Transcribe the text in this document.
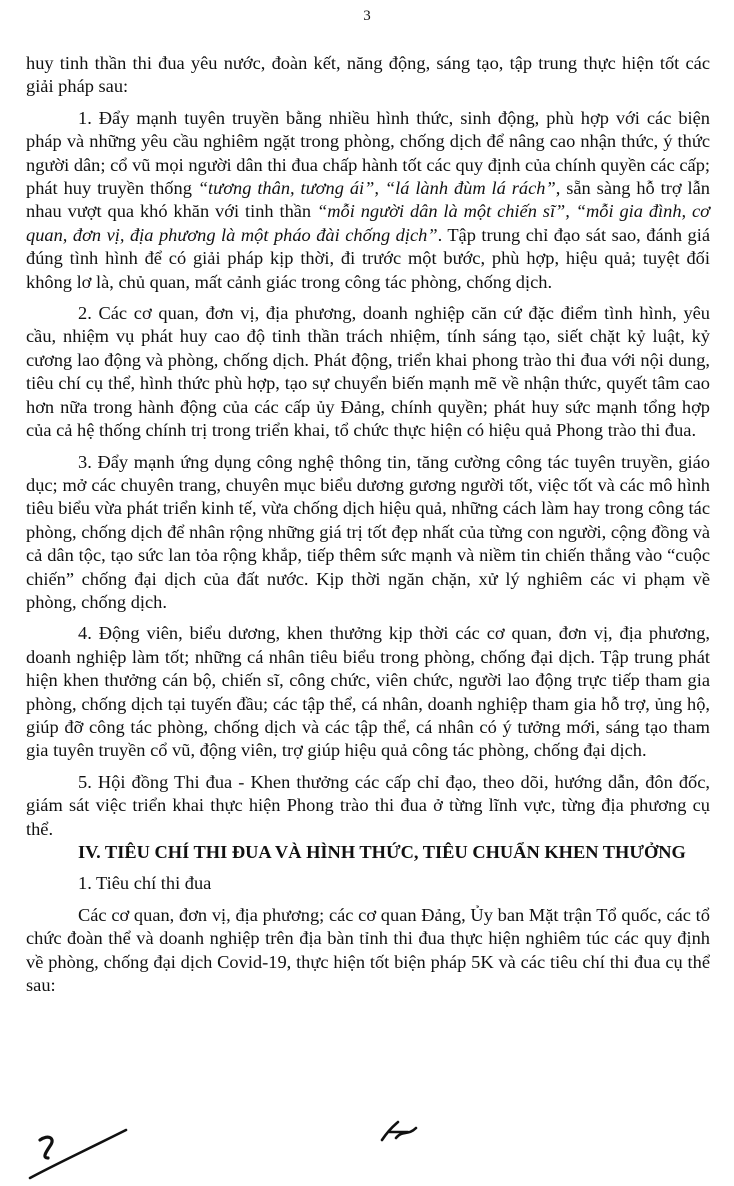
3

huy tinh thần thi đua yêu nước, đoàn kết, năng động, sáng tạo, tập trung thực hiện tốt các giải pháp sau:

1. Đẩy mạnh tuyên truyền bằng nhiều hình thức, sinh động, phù hợp với các biện pháp và những yêu cầu nghiêm ngặt trong phòng, chống dịch để nâng cao nhận thức, ý thức người dân; cổ vũ mọi người dân thi đua chấp hành tốt các quy định của chính quyền các cấp; phát huy truyền thống “tương thân, tương ái”, “lá lành đùm lá rách”, sẵn sàng hỗ trợ lẫn nhau vượt qua khó khăn với tinh thần “mỗi người dân là một chiến sĩ”, “mỗi gia đình, cơ quan, đơn vị, địa phương là một pháo đài chống dịch”. Tập trung chỉ đạo sát sao, đánh giá đúng tình hình để có giải pháp kịp thời, đi trước một bước, phù hợp, hiệu quả; tuyệt đối không lơ là, chủ quan, mất cảnh giác trong công tác phòng, chống dịch.

2. Các cơ quan, đơn vị, địa phương, doanh nghiệp căn cứ đặc điểm tình hình, yêu cầu, nhiệm vụ phát huy cao độ tinh thần trách nhiệm, tính sáng tạo, siết chặt kỷ luật, kỷ cương lao động và phòng, chống dịch. Phát động, triển khai phong trào thi đua với nội dung, tiêu chí cụ thể, hình thức phù hợp, tạo sự chuyển biến mạnh mẽ về nhận thức, quyết tâm cao hơn nữa trong hành động của các cấp ủy Đảng, chính quyền; phát huy sức mạnh tổng hợp của cả hệ thống chính trị trong triển khai, tổ chức thực hiện có hiệu quả Phong trào thi đua.

3. Đẩy mạnh ứng dụng công nghệ thông tin, tăng cường công tác tuyên truyền, giáo dục; mở các chuyên trang, chuyên mục biểu dương gương người tốt, việc tốt và các mô hình tiêu biểu vừa phát triển kinh tế, vừa chống dịch hiệu quả, những cách làm hay trong công tác phòng, chống dịch để nhân rộng những giá trị tốt đẹp nhất của từng con người, cộng đồng và cả dân tộc, tạo sức lan tỏa rộng khắp, tiếp thêm sức mạnh và niềm tin chiến thắng vào “cuộc chiến” chống đại dịch của đất nước. Kịp thời ngăn chặn, xử lý nghiêm các vi phạm về phòng, chống dịch.

4. Động viên, biểu dương, khen thưởng kịp thời các cơ quan, đơn vị, địa phương, doanh nghiệp làm tốt; những cá nhân tiêu biểu trong phòng, chống đại dịch. Tập trung phát hiện khen thưởng cán bộ, chiến sĩ, công chức, viên chức, người lao động trực tiếp tham gia phòng, chống dịch tại tuyến đầu; các tập thể, cá nhân, doanh nghiệp tham gia hỗ trợ, ủng hộ, giúp đỡ công tác phòng, chống dịch và các tập thể, cá nhân có ý tưởng mới, sáng tạo tham gia tuyên truyền cổ vũ, động viên, trợ giúp hiệu quả công tác phòng, chống đại dịch.

5. Hội đồng Thi đua - Khen thưởng các cấp chỉ đạo, theo dõi, hướng dẫn, đôn đốc, giám sát việc triển khai thực hiện Phong trào thi đua ở từng lĩnh vực, từng địa phương cụ thể.

IV. TIÊU CHÍ THI ĐUA VÀ HÌNH THỨC, TIÊU CHUẨN KHEN THƯỞNG

1. Tiêu chí thi đua

Các cơ quan, đơn vị, địa phương; các cơ quan Đảng, Ủy ban Mặt trận Tổ quốc, các tổ chức đoàn thể và doanh nghiệp trên địa bàn tỉnh thi đua thực hiện nghiêm túc các quy định về phòng, chống đại dịch Covid-19, thực hiện tốt biện pháp 5K và các tiêu chí thi đua cụ thể sau:
